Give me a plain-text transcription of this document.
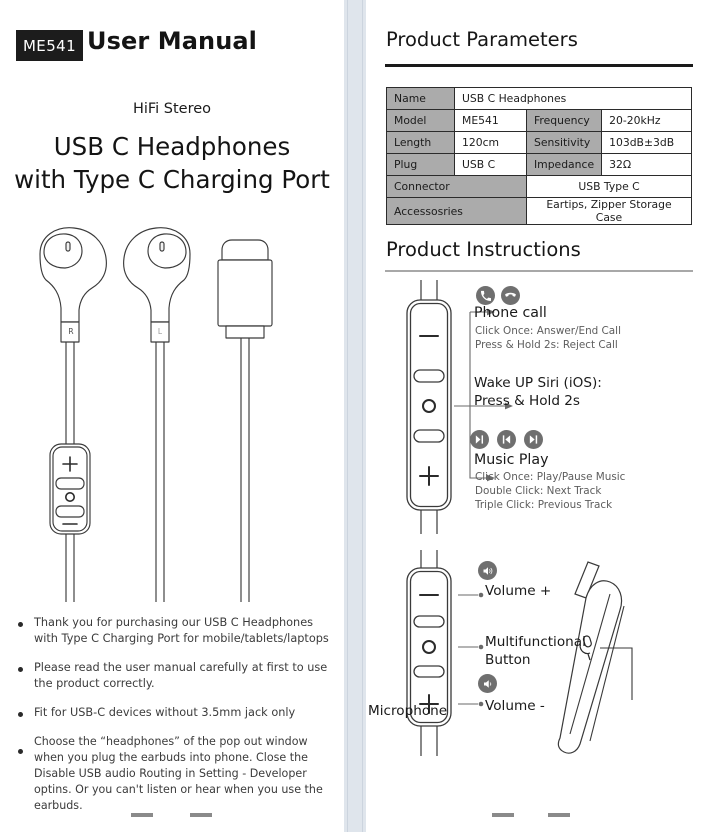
ME541 User Manual
HiFi Stereo
USB C Headphones
with Type C Charging Port
R	L
Thank you for purchasing our USB C Headphones with Type C Charging Port for mobile/tablets/laptops
Please read the user manual carefully at first to use the product correctly.
Fit for USB-C devices without 3.5mm jack only
Choose the “headphones” of the pop out window when you plug the earbuds into phone. Close the Disable USB audio Routing in Setting - Developer optins. Or you can't listen or hear when you use the earbuds.
Product Parameters
Name	USB C Headphones		
Model	ME541	Frequency	20-20kHz
Length	120cm	Sensitivity	103dB±3dB
Plug	USB C	Impedance	32Ω
Connector		USB Type C	
Accessosries		Eartips, Zipper Storage Case	
Product Instructions
Phone call
Click Once: Answer/End Call
Press & Hold 2s: Reject Call
Wake UP Siri (iOS):
Press & Hold 2s
Music Play
Click Once: Play/Pause Music
Double Click: Next Track
Triple Click: Previous Track
Volume +
Multifunctional
Button
Volume -
Microphone
